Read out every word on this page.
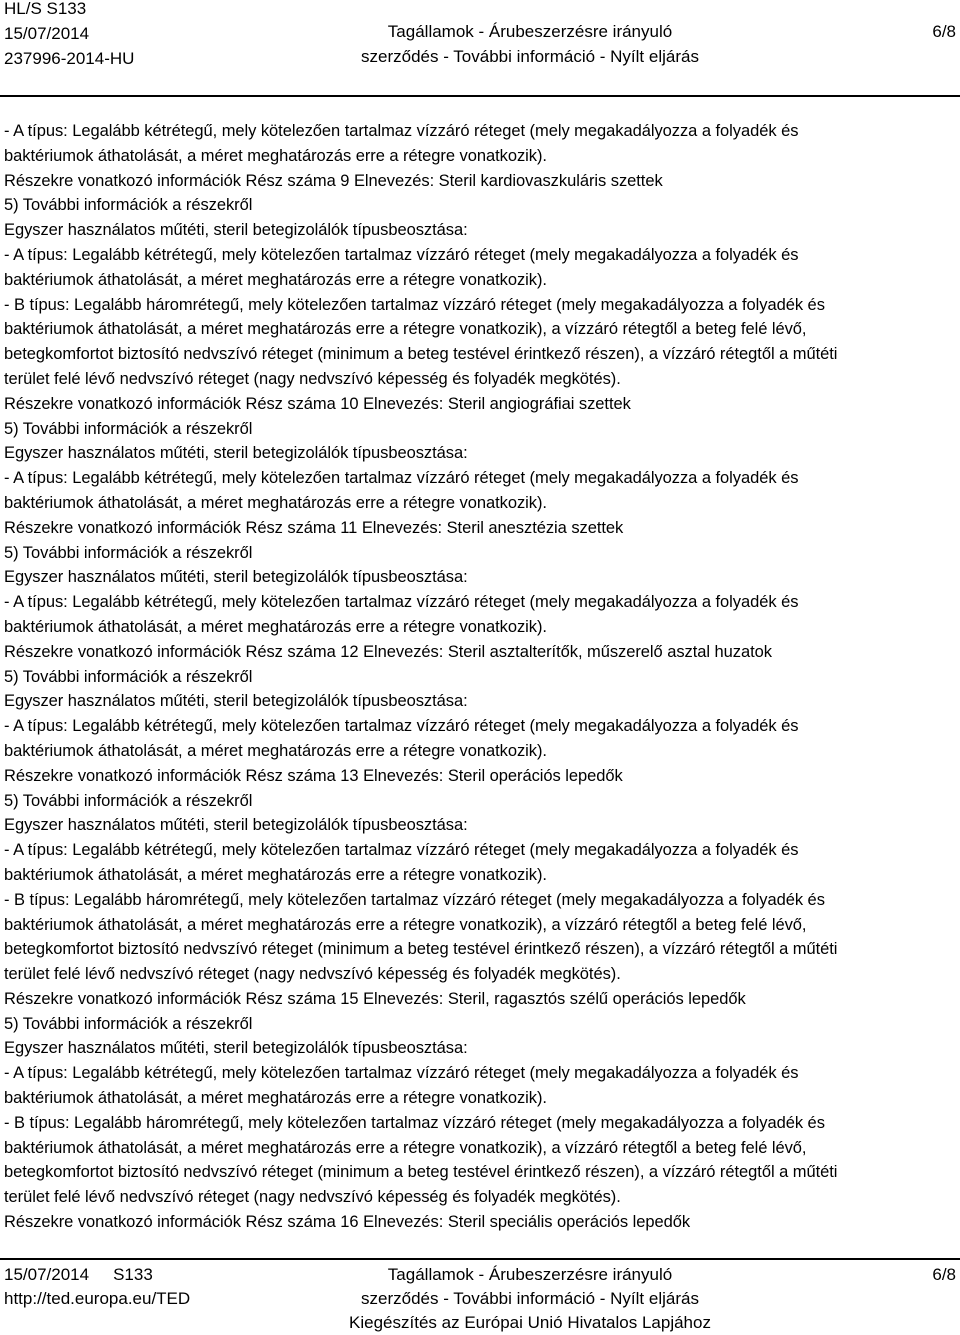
HL/S S133
15/07/2014
237996-2014-HU
Tagállamok - Árubeszerzésre irányuló
szerződés - További információ - Nyílt eljárás
6/8
- A típus: Legalább kétrétegű, mely kötelezően tartalmaz vízzáró réteget (mely megakadályozza a folyadék és
baktériumok áthatolását, a méret meghatározás erre a rétegre vonatkozik).
Részekre vonatkozó információk Rész száma 9 Elnevezés: Steril kardiovaszkuláris szettek
5) További információk a részekről
Egyszer használatos műtéti, steril betegizolálók típusbeosztása:
- A típus: Legalább kétrétegű, mely kötelezően tartalmaz vízzáró réteget (mely megakadályozza a folyadék és
baktériumok áthatolását, a méret meghatározás erre a rétegre vonatkozik).
- B típus: Legalább háromrétegű, mely kötelezően tartalmaz vízzáró réteget (mely megakadályozza a folyadék és
baktériumok áthatolását, a méret meghatározás erre a rétegre vonatkozik), a vízzáró rétegtől a beteg felé lévő,
betegkomfortot biztosító nedvszívó réteget (minimum a beteg testével érintkező részen), a vízzáró rétegtől a műtéti
terület felé lévő nedvszívó réteget (nagy nedvszívó képesség és folyadék megkötés).
Részekre vonatkozó információk Rész száma 10 Elnevezés: Steril angiográfiai szettek
5) További információk a részekről
Egyszer használatos műtéti, steril betegizolálók típusbeosztása:
- A típus: Legalább kétrétegű, mely kötelezően tartalmaz vízzáró réteget (mely megakadályozza a folyadék és
baktériumok áthatolását, a méret meghatározás erre a rétegre vonatkozik).
Részekre vonatkozó információk Rész száma 11 Elnevezés: Steril anesztézia szettek
5) További információk a részekről
Egyszer használatos műtéti, steril betegizolálók típusbeosztása:
- A típus: Legalább kétrétegű, mely kötelezően tartalmaz vízzáró réteget (mely megakadályozza a folyadék és
baktériumok áthatolását, a méret meghatározás erre a rétegre vonatkozik).
Részekre vonatkozó információk Rész száma 12 Elnevezés: Steril asztalterítők, műszerelő asztal huzatok
5) További információk a részekről
Egyszer használatos műtéti, steril betegizolálók típusbeosztása:
- A típus: Legalább kétrétegű, mely kötelezően tartalmaz vízzáró réteget (mely megakadályozza a folyadék és
baktériumok áthatolását, a méret meghatározás erre a rétegre vonatkozik).
Részekre vonatkozó információk Rész száma 13 Elnevezés: Steril operációs lepedők
5) További információk a részekről
Egyszer használatos műtéti, steril betegizolálók típusbeosztása:
- A típus: Legalább kétrétegű, mely kötelezően tartalmaz vízzáró réteget (mely megakadályozza a folyadék és
baktériumok áthatolását, a méret meghatározás erre a rétegre vonatkozik).
- B típus: Legalább háromrétegű, mely kötelezően tartalmaz vízzáró réteget (mely megakadályozza a folyadék és
baktériumok áthatolását, a méret meghatározás erre a rétegre vonatkozik), a vízzáró rétegtől a beteg felé lévő,
betegkomfortot biztosító nedvszívó réteget (minimum a beteg testével érintkező részen), a vízzáró rétegtől a műtéti
terület felé lévő nedvszívó réteget (nagy nedvszívó képesség és folyadék megkötés).
Részekre vonatkozó információk Rész száma 15 Elnevezés: Steril, ragasztós szélű operációs lepedők
5) További információk a részekről
Egyszer használatos műtéti, steril betegizolálók típusbeosztása:
- A típus: Legalább kétrétegű, mely kötelezően tartalmaz vízzáró réteget (mely megakadályozza a folyadék és
baktériumok áthatolását, a méret meghatározás erre a rétegre vonatkozik).
- B típus: Legalább háromrétegű, mely kötelezően tartalmaz vízzáró réteget (mely megakadályozza a folyadék és
baktériumok áthatolását, a méret meghatározás erre a rétegre vonatkozik), a vízzáró rétegtől a beteg felé lévő,
betegkomfortot biztosító nedvszívó réteget (minimum a beteg testével érintkező részen), a vízzáró rétegtől a műtéti
terület felé lévő nedvszívó réteget (nagy nedvszívó képesség és folyadék megkötés).
Részekre vonatkozó információk Rész száma 16 Elnevezés: Steril speciális operációs lepedők
15/07/2014 S133
http://ted.europa.eu/TED
Tagállamok - Árubeszerzésre irányuló
szerződés - További információ - Nyílt eljárás
Kiegészítés az Európai Unió Hivatalos Lapjához
6/8
